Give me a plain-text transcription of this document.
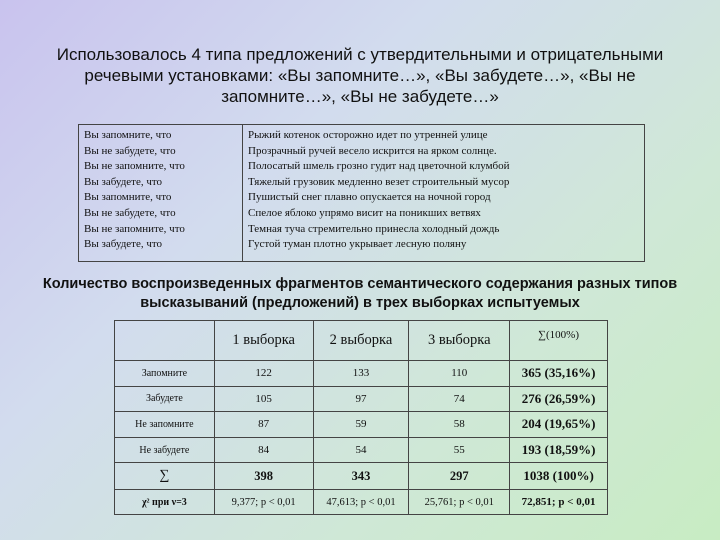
Использовалось 4 типа предложений с утвердительными и отрицательными речевыми установками: «Вы запомните…», «Вы забудете…», «Вы не запомните…», «Вы не забудете…»
Вы запомните, что
Вы не забудете, что
Вы не запомните, что
Вы забудете, что
Вы запомните, что
Вы не забудете, что
Вы не запомните, что
Вы забудете, что
Рыжий котенок осторожно идет по утренней улице
Прозрачный ручей весело искрится на ярком солнце.
Полосатый шмель грозно гудит над цветочной клумбой
Тяжелый грузовик медленно везет строительный мусор
Пушистый снег плавно опускается на ночной город
Спелое яблоко упрямо висит на поникших ветвях
Темная туча стремительно принесла холодный дождь
Густой туман плотно укрывает лесную поляну
Количество воспроизведенных фрагментов семантического содержания разных типов высказываний (предложений) в трех выборках испытуемых
	1 выборка	2 выборка	3 выборка	∑(100%)
Запомните	122	133	110	365 (35,16%)
Забудете	105	97	74	276 (26,59%)
Не запомните	87	59	58	204 (19,65%)
Не забудете	84	54	55	193 (18,59%)
∑	398	343	297	1038 (100%)
χ² при ν=3	9,377; p < 0,01	47,613; p < 0,01	25,761; p < 0,01	72,851; p < 0,01
